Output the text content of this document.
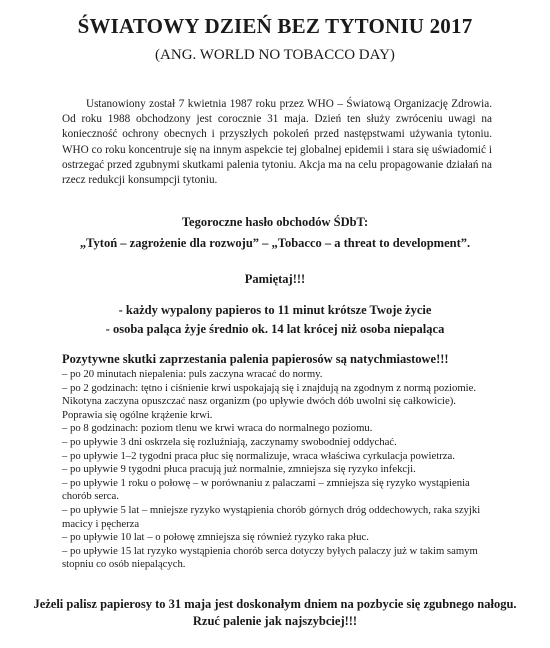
ŚWIATOWY DZIEŃ BEZ TYTONIU 2017
(ANG. WORLD NO TOBACCO DAY)

Ustanowiony został 7 kwietnia 1987 roku przez WHO – Światową Organizację Zdrowia. Od roku 1988 obchodzony jest corocznie 31 maja. Dzień ten służy zwróceniu uwagi na konieczność ochrony obecnych i przyszłych pokoleń przed następstwami używania tytoniu. WHO co roku koncentruje się na innym aspekcie tej globalnej epidemii i stara się uświadomić i ostrzegać przed zgubnymi skutkami palenia tytoniu. Akcja ma na celu propagowanie działań na rzecz redukcji konsumpcji tytoniu.

Tegoroczne hasło obchodów ŚDbT:

„Tytoń – zagrożenie dla rozwoju” – „Tobacco – a threat to development”.

Pamiętaj!!!

- każdy wypalony papieros to 11 minut krótsze Twoje życie

- osoba paląca żyje średnio ok. 14 lat krócej niż osoba niepaląca

Pozytywne skutki zaprzestania palenia papierosów są natychmiastowe!!!

– po 20 minutach niepalenia: puls zaczyna wracać do normy.
– po 2 godzinach: tętno i ciśnienie krwi uspokajają się i znajdują na zgodnym z normą poziomie. Nikotyna zaczyna opuszczać nasz organizm (po upływie dwóch dób uwolni się całkowicie). Poprawia się ogólne krążenie krwi.
– po 8 godzinach: poziom tlenu we krwi wraca do normalnego poziomu.
– po upływie 3 dni oskrzela się rozluźniają, zaczynamy swobodniej oddychać.
– po upływie 1–2 tygodni praca płuc się normalizuje, wraca właściwa cyrkulacja powietrza.
– po upływie 9 tygodni płuca pracują już normalnie, zmniejsza się ryzyko infekcji.
– po upływie 1 roku o połowę – w porównaniu z palaczami – zmniejsza się ryzyko wystąpienia chorób serca.
– po upływie 5 lat – mniejsze ryzyko wystąpienia chorób górnych dróg oddechowych, raka szyjki macicy i pęcherza
– po upływie 10 lat – o połowę zmniejsza się również ryzyko raka płuc.
– po upływie 15 lat ryzyko wystąpienia chorób serca dotyczy byłych palaczy już w takim samym stopniu co osób niepalących.

Jeżeli palisz papierosy to 31 maja jest doskonałym dniem na pozbycie się zgubnego nałogu.

Rzuć palenie jak najszybciej!!!
